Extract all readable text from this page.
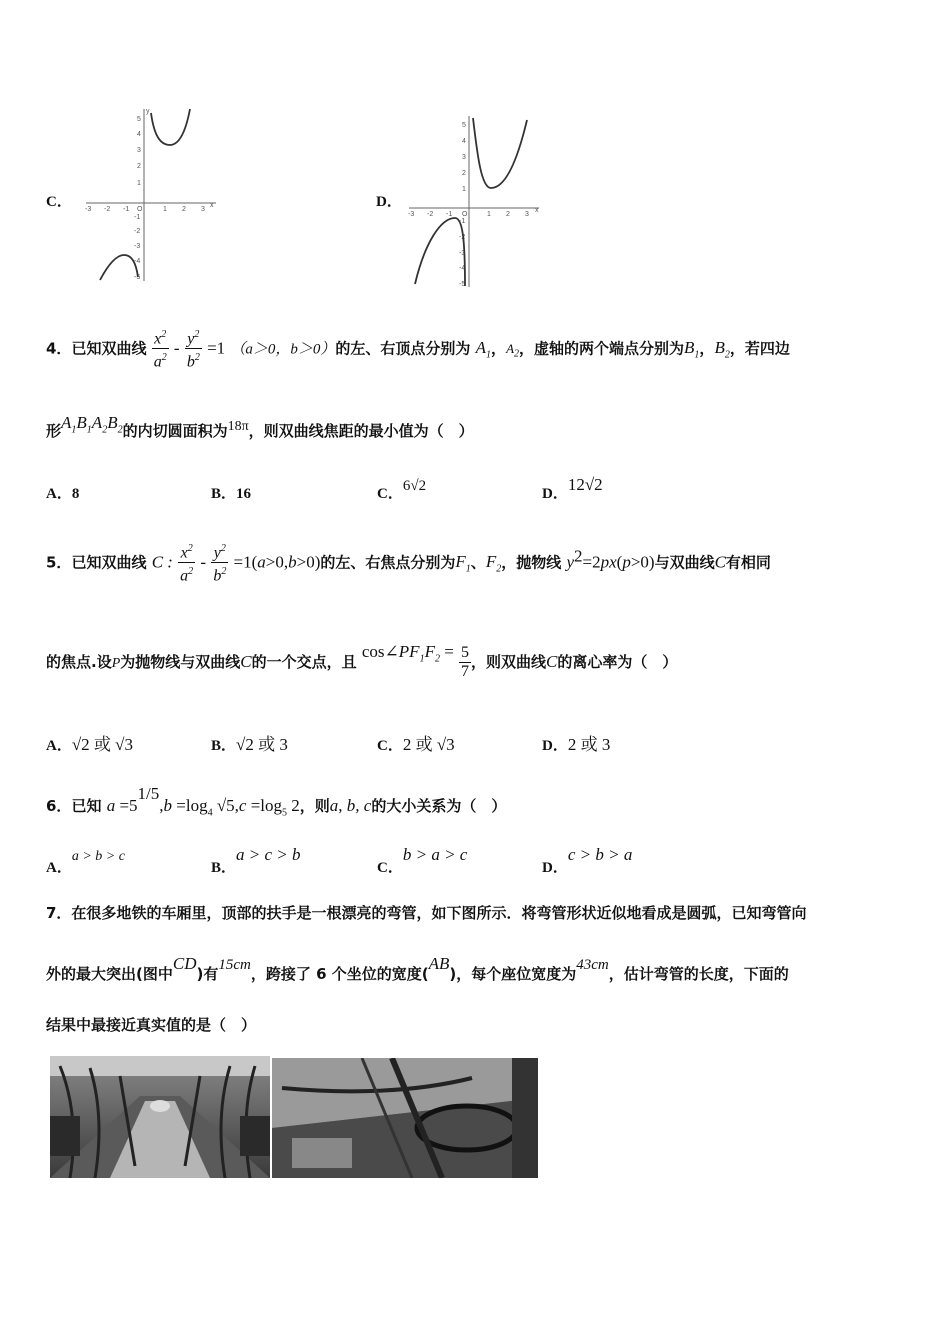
C．	x
y
-3 -2 -1 O	1 2 3
5
4
3
2
1
-1
-2
-3
-4
-5
D．
x
-3 -2 -1 O	1 2 3
5
4
3
2
1
-1
-2
-3
-4
-5
4．已知双曲线 $\frac{x^2}{a^2} - \frac{y^2}{b^2} =1$ （a＞0，b＞0）的左、右顶点分别为 $A_1$，$A_2$，虚轴的两个端点分别为$B_1$，$B_2$，若四边
形$A_1B_1A_2B_2$的内切圆面积为18π，则双曲线焦距的最小值为（　）
A．8	B．16	C．6√2	D．12√2
5．已知双曲线 C : $\frac{x^2}{a^2} - \frac{y^2}{b^2} =1(a>0,b>0)$的左、右焦点分别为$F_1$、$F_2$，抛物线 $y^2=2px(p>0)$与双曲线C有相同
的焦点.设P为抛物线与双曲线C的一个交点，且 $\cos\angle PF_1F_2 = \frac{5}{7}$ ，则双曲线C的离心率为（　）
A．√2 或 √3	B．√2 或 3	C．2 或 √3	D．2 或 3
6．已知 $a =5^{1/5},b =\log_4$ $√5,c =\log_5$ 2，则a, b, c的大小关系为（　）
A．a > b > c
B．a > c > b
C．b > a > c
D．c > b > a
7．在很多地铁的车厢里，顶部的扶手是一根漂亮的弯管，如下图所示．将弯管形状近似地看成是圆弧，已知弯管向
外的最大突出(图中CD)有15cm，跨接了 6 个坐位的宽度(AB)，每个座位宽度为43cm，估计弯管的长度，下面的
结果中最接近真实值的是（　）
